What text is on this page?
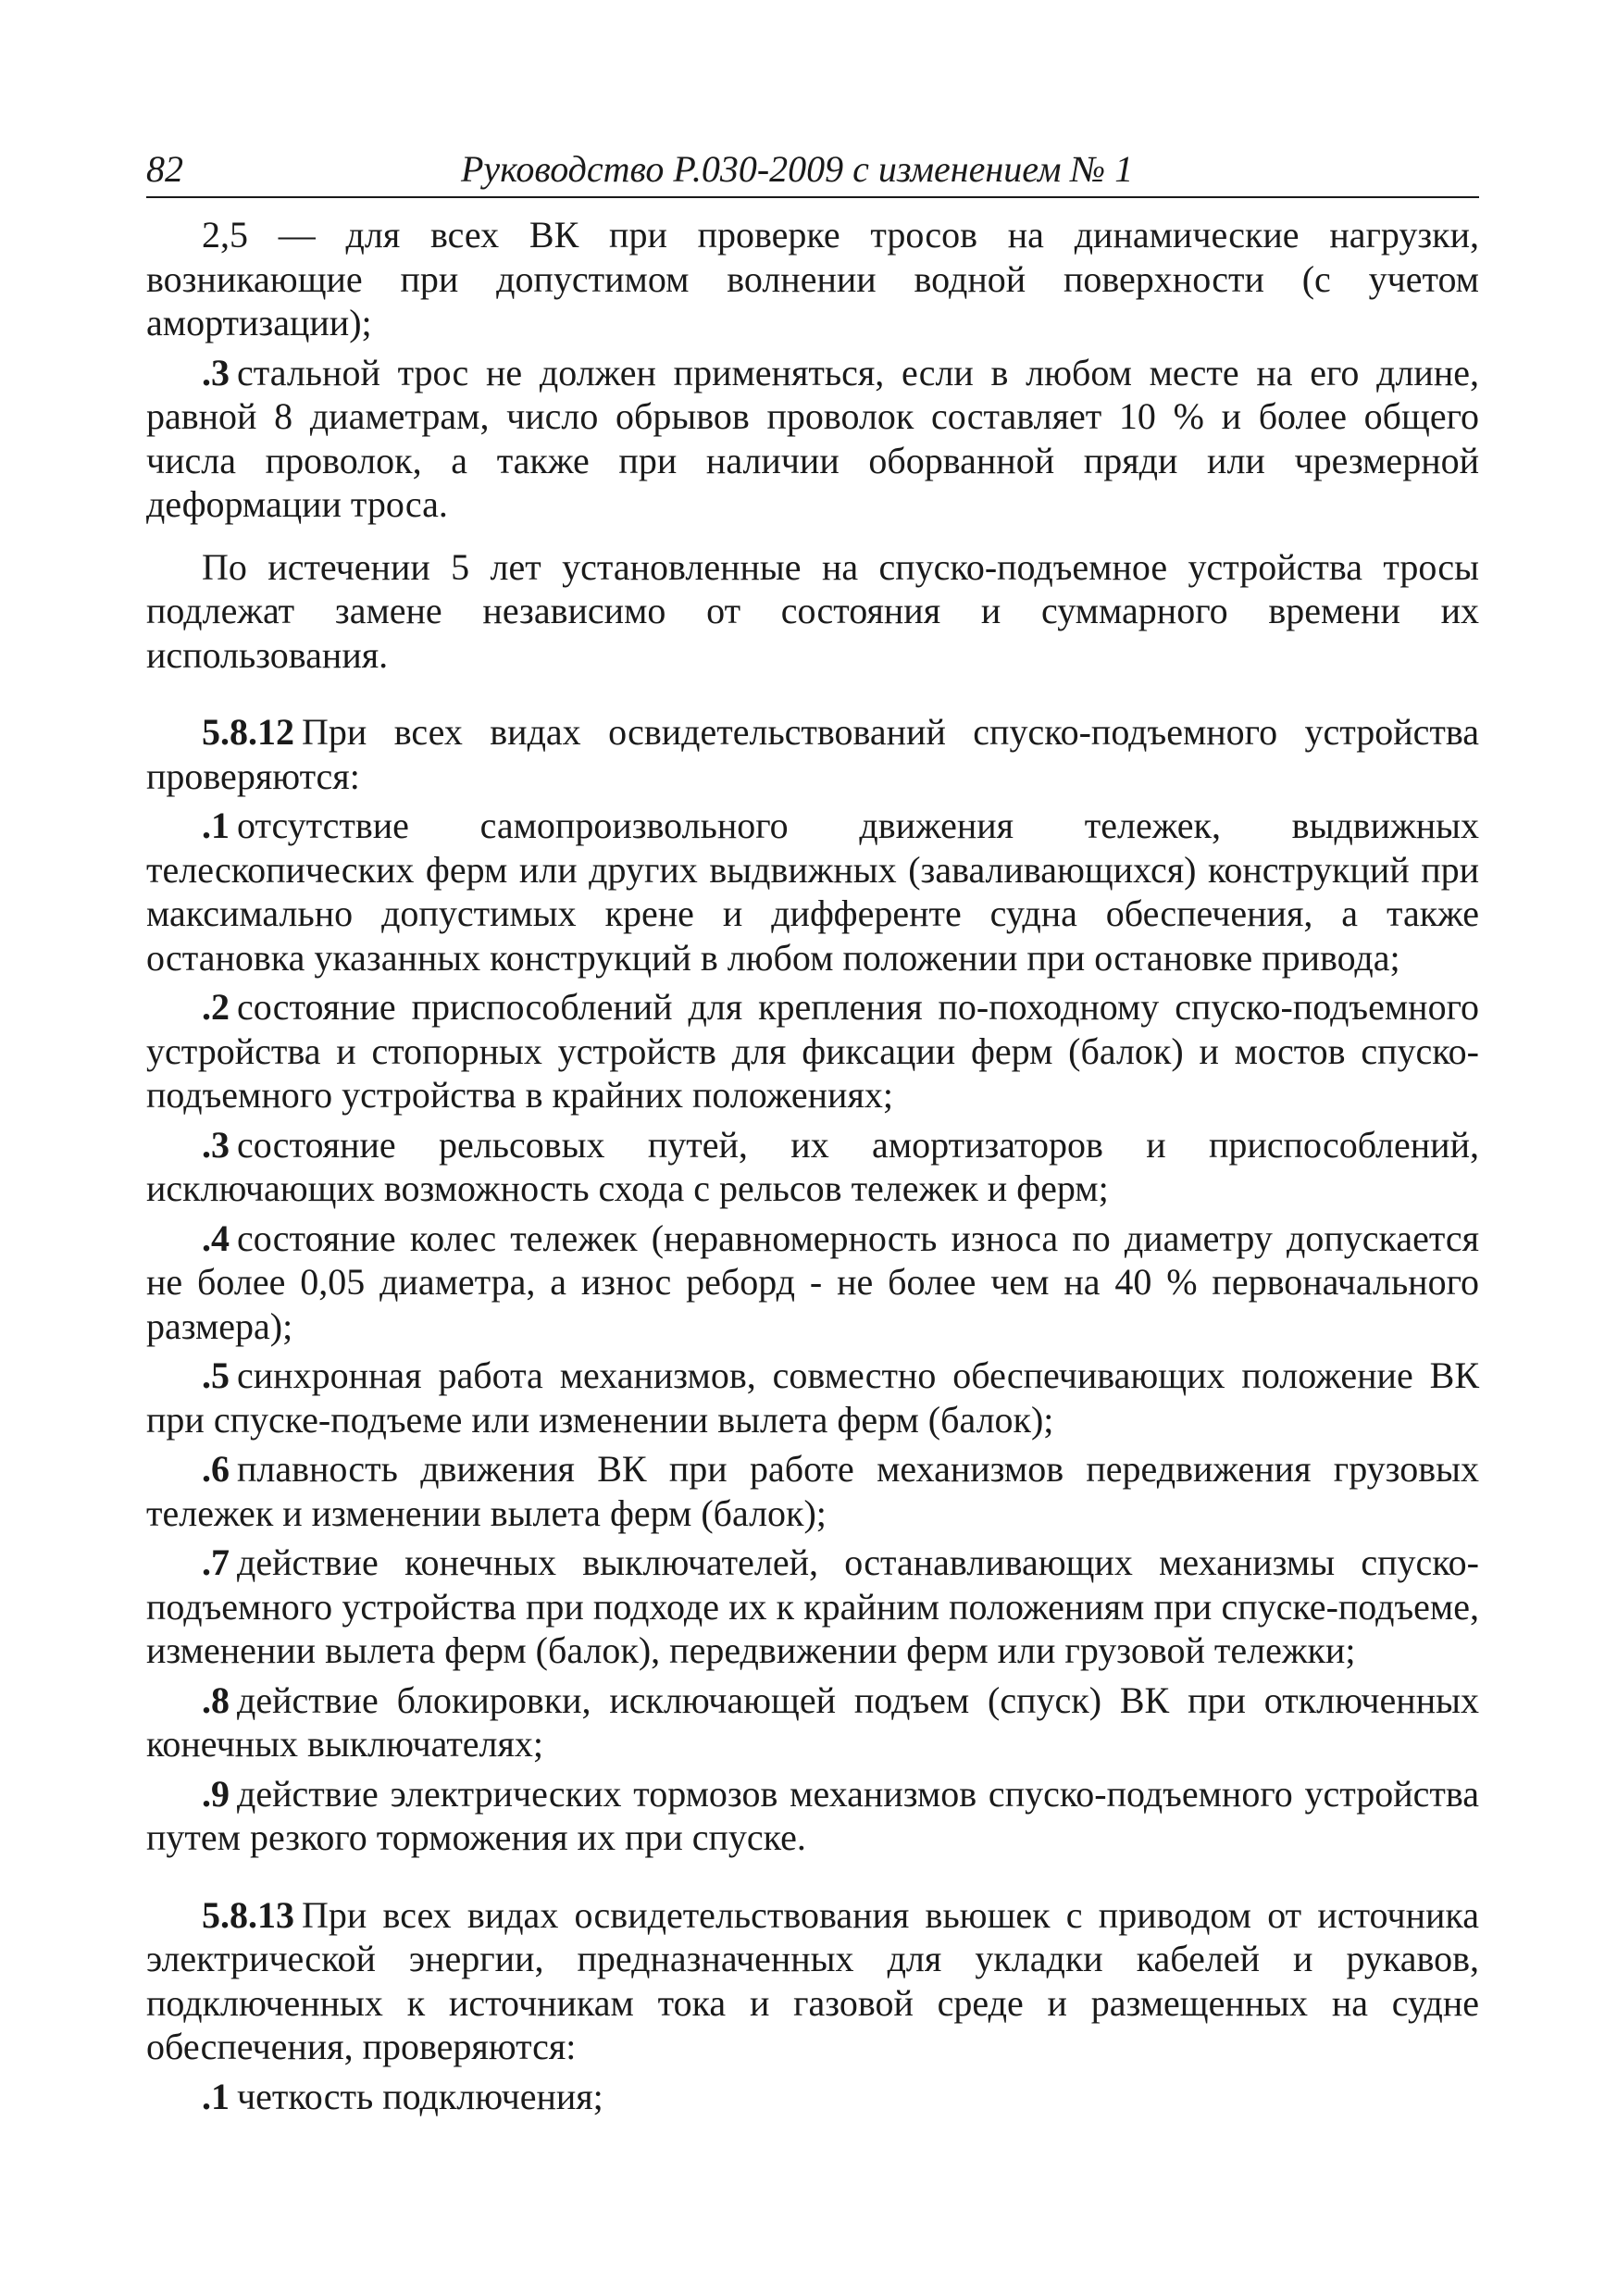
82	Руководство Р.030-2009 с изменением № 1

2,5 — для всех ВК при проверке тросов на динамические нагрузки, возникающие при допустимом волнении водной поверхности (с учетом амортизации);

.3  стальной трос не должен применяться, если в любом месте на его длине, равной 8 диаметрам, число обрывов проволок составляет 10 % и более общего числа проволок, а также при наличии оборванной пряди или чрезмерной деформации троса.

По истечении 5 лет установленные на спуско-подъемное устройства тросы подлежат замене независимо от состояния и суммарного времени их использования.

5.8.12  При всех видах освидетельствований спуско-подъемного устройства проверяются:

.1  отсутствие самопроизвольного движения тележек, выдвижных телескопических ферм или других выдвижных (заваливающихся) конструкций при максимально допустимых крене и дифференте судна обеспечения, а также остановка указанных конструкций в любом положении при остановке привода;

.2  состояние приспособлений для крепления по-походному спуско-подъемного устройства и стопорных устройств для фиксации ферм (балок) и мостов спуско-подъемного устройства в крайних положениях;

.3  состояние рельсовых путей, их амортизаторов и приспособлений, исключающих возможность схода с рельсов тележек и ферм;

.4  состояние колес тележек (неравномерность износа по диаметру допускается не более 0,05 диаметра, а износ реборд - не более чем на 40 % первоначального размера);

.5  синхронная работа механизмов, совместно обеспечивающих положение ВК при спуске-подъеме или изменении вылета ферм (балок);

.6  плавность движения ВК при работе механизмов передвижения грузовых тележек и изменении вылета ферм (балок);

.7  действие конечных выключателей, останавливающих механизмы спуско-подъемного устройства при подходе их к крайним положениям при спуске-подъеме, изменении вылета ферм (балок), передвижении ферм или грузовой тележки;

.8  действие блокировки, исключающей подъем (спуск) ВК при отключенных конечных выключателях;

.9  действие электрических тормозов механизмов спуско-подъемного устройства путем резкого торможения их при спуске.

5.8.13  При всех видах освидетельствования вьюшек с приводом от источника электрической энергии, предназначенных для укладки кабелей и рукавов, подключенных к источникам тока и газовой среде и размещенных на судне обеспечения, проверяются:

.1  четкость подключения;
